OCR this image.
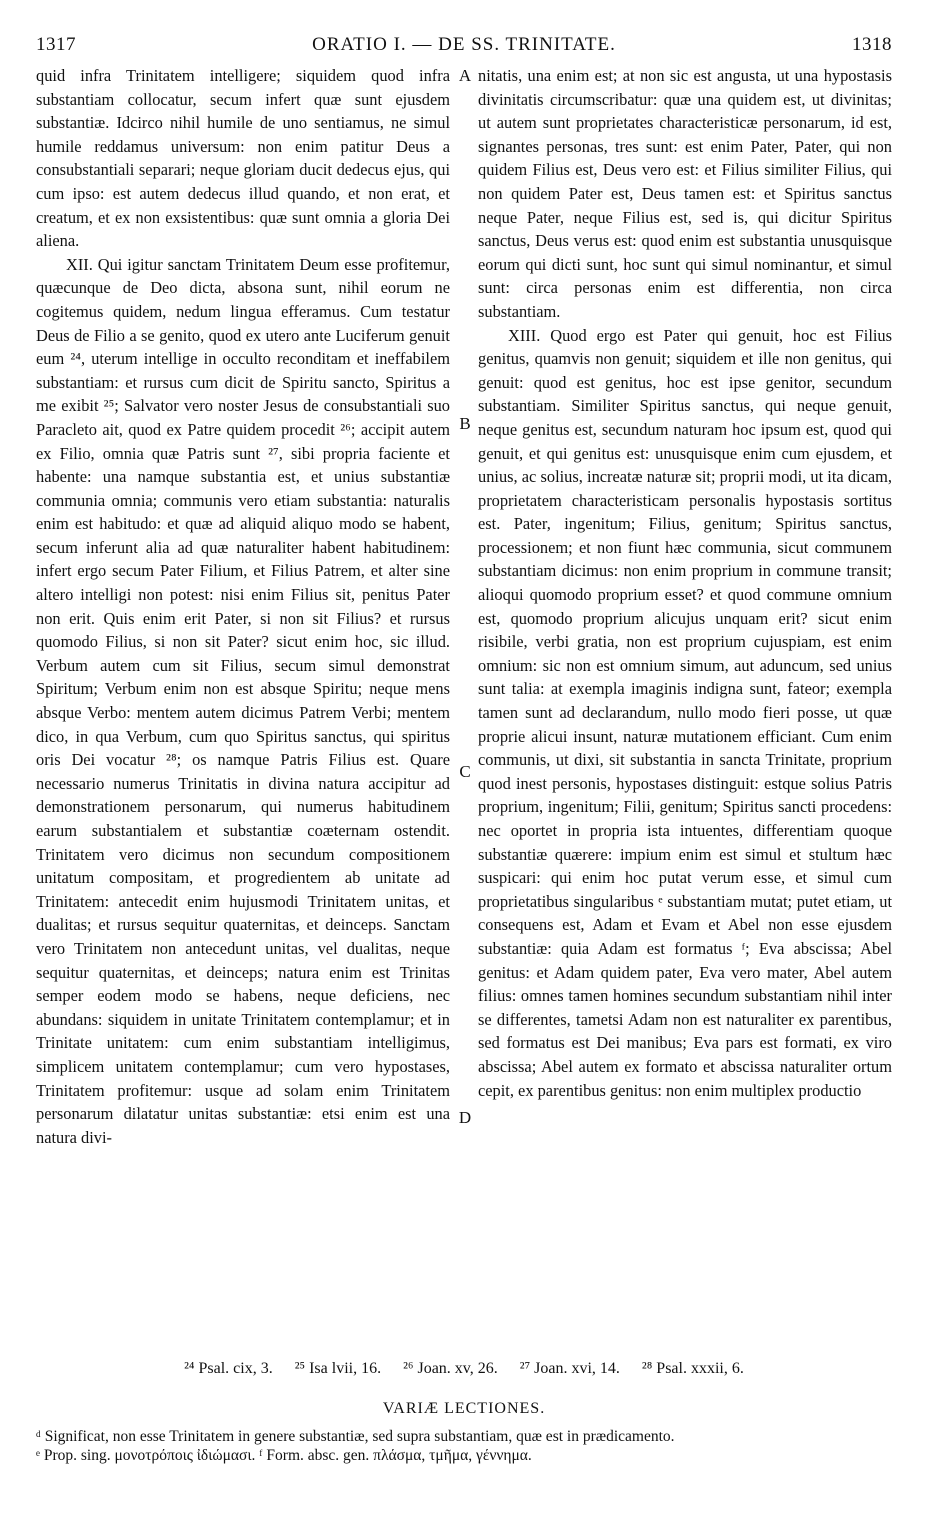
1317	ORATIO I. — DE SS. TRINITATE.	1318

quid infra Trinitatem intelligere; siquidem quod infra substantiam collocatur, secum infert quæ sunt ejusdem substantiæ. Idcirco nihil humile de uno sentiamus, ne simul humile reddamus universum: non enim patitur Deus a consubstantiali separari; neque gloriam ducit dedecus ejus, qui cum ipso: est autem dedecus illud quando, et non erat, et creatum, et ex non exsistentibus: quæ sunt omnia a gloria Dei aliena.

XII. Qui igitur sanctam Trinitatem Deum esse profitemur, quæcunque de Deo dicta, absona sunt, nihil eorum ne cogitemus quidem, nedum lingua efferamus. Cum testatur Deus de Filio a se genito, quod ex utero ante Luciferum genuit eum ²⁴, uterum intellige in occulto reconditam et ineffabilem substantiam: et rursus cum dicit de Spiritu sancto, Spiritus a me exibit ²⁵; Salvator vero noster Jesus de consubstantiali suo Paracleto ait, quod ex Patre quidem procedit ²⁶; accipit autem ex Filio, omnia quæ Patris sunt ²⁷, sibi propria faciente et habente: una namque substantia est, et unius substantiæ communia omnia; communis vero etiam substantia: naturalis enim est habitudo: et quæ ad aliquid aliquo modo se habent, secum inferunt alia ad quæ naturaliter habent habitudinem: infert ergo secum Pater Filium, et Filius Patrem, et alter sine altero intelligi non potest: nisi enim Filius sit, penitus Pater non erit. Quis enim erit Pater, si non sit Filius? et rursus quomodo Filius, si non sit Pater? sicut enim hoc, sic illud. Verbum autem cum sit Filius, secum simul demonstrat Spiritum; Verbum enim non est absque Spiritu; neque mens absque Verbo: mentem autem dicimus Patrem Verbi; mentem dico, in qua Verbum, cum quo Spiritus sanctus, qui spiritus oris Dei vocatur ²⁸; os namque Patris Filius est. Quare necessario numerus Trinitatis in divina natura accipitur ad demonstrationem personarum, qui numerus habitudinem earum substantialem et substantiæ coæternam ostendit. Trinitatem vero dicimus non secundum compositionem unitatum compositam, et progredientem ab unitate ad Trinitatem: antecedit enim hujusmodi Trinitatem unitas, et dualitas; et rursus sequitur quaternitas, et deinceps. Sanctam vero Trinitatem non antecedunt unitas, vel dualitas, neque sequitur quaternitas, et deinceps; natura enim est Trinitas semper eodem modo se habens, neque deficiens, nec abundans: siquidem in unitate Trinitatem contemplamur; et in Trinitate unitatem: cum enim substantiam intelligimus, simplicem unitatem contemplamur; cum vero hypostases, Trinitatem profitemur: usque ad solam enim Trinitatem personarum dilatatur unitas substantiæ: etsi enim est una natura divi-

nitatis, una enim est; at non sic est angusta, ut una hypostasis divinitatis circumscribatur: quæ una quidem est, ut divinitas; ut autem sunt proprietates characteristicæ personarum, id est, signantes personas, tres sunt: est enim Pater, Pater, qui non quidem Filius est, Deus vero est: et Filius similiter Filius, qui non quidem Pater est, Deus tamen est: et Spiritus sanctus neque Pater, neque Filius est, sed is, qui dicitur Spiritus sanctus, Deus verus est: quod enim est substantia unusquisque eorum qui dicti sunt, hoc sunt qui simul nominantur, et simul sunt: circa personas enim est differentia, non circa substantiam.

XIII. Quod ergo est Pater qui genuit, hoc est Filius genitus, quamvis non genuit; siquidem et ille non genitus, qui genuit: quod est genitus, hoc est ipse genitor, secundum substantiam. Similiter Spiritus sanctus, qui neque genuit, neque genitus est, secundum naturam hoc ipsum est, quod qui genuit, et qui genitus est: unusquisque enim cum ejusdem, et unius, ac solius, increatæ naturæ sit; proprii modi, ut ita dicam, proprietatem characteristicam personalis hypostasis sortitus est. Pater, ingenitum; Filius, genitum; Spiritus sanctus, processionem; et non fiunt hæc communia, sicut communem substantiam dicimus: non enim proprium in commune transit; alioqui quomodo proprium esset? et quod commune omnium est, quomodo proprium alicujus unquam erit? sicut enim risibile, verbi gratia, non est proprium cujuspiam, est enim omnium: sic non est omnium simum, aut aduncum, sed unius sunt talia: at exempla imaginis indigna sunt, fateor; exempla tamen sunt ad declarandum, nullo modo fieri posse, ut quæ proprie alicui insunt, naturæ mutationem efficiant. Cum enim communis, ut dixi, sit substantia in sancta Trinitate, proprium quod inest personis, hypostases distinguit: estque solius Patris proprium, ingenitum; Filii, genitum; Spiritus sancti procedens: nec oportet in propria ista intuentes, differentiam quoque substantiæ quærere: impium enim est simul et stultum hæc suspicari: qui enim hoc putat verum esse, et simul cum proprietatibus singularibus ᵉ substantiam mutat; putet etiam, ut consequens est, Adam et Evam et Abel non esse ejusdem substantiæ: quia Adam est formatus ᶠ; Eva abscissa; Abel genitus: et Adam quidem pater, Eva vero mater, Abel autem filius: omnes tamen homines secundum substantiam nihil inter se differentes, tametsi Adam non est naturaliter ex parentibus, sed formatus est Dei manibus; Eva pars est formati, ex viro abscissa; Abel autem ex formato et abscissa naturaliter ortum cepit, ex parentibus genitus: non enim multiplex productio

A
B
C
D
²⁴ Psal. cix, 3. ²⁵ Isa lvii, 16. ²⁶ Joan. xv, 26. ²⁷ Joan. xvi, 14. ²⁸ Psal. xxxii, 6.
VARIÆ LECTIONES.
ᵈ Significat, non esse Trinitatem in genere substantiæ, sed supra substantiam, quæ est in prædicamento.
ᵉ Prop. sing. μονοτρόποις ἰδιώμασι. ᶠ Form. absc. gen. πλάσμα, τμῆμα, γέννημα.
